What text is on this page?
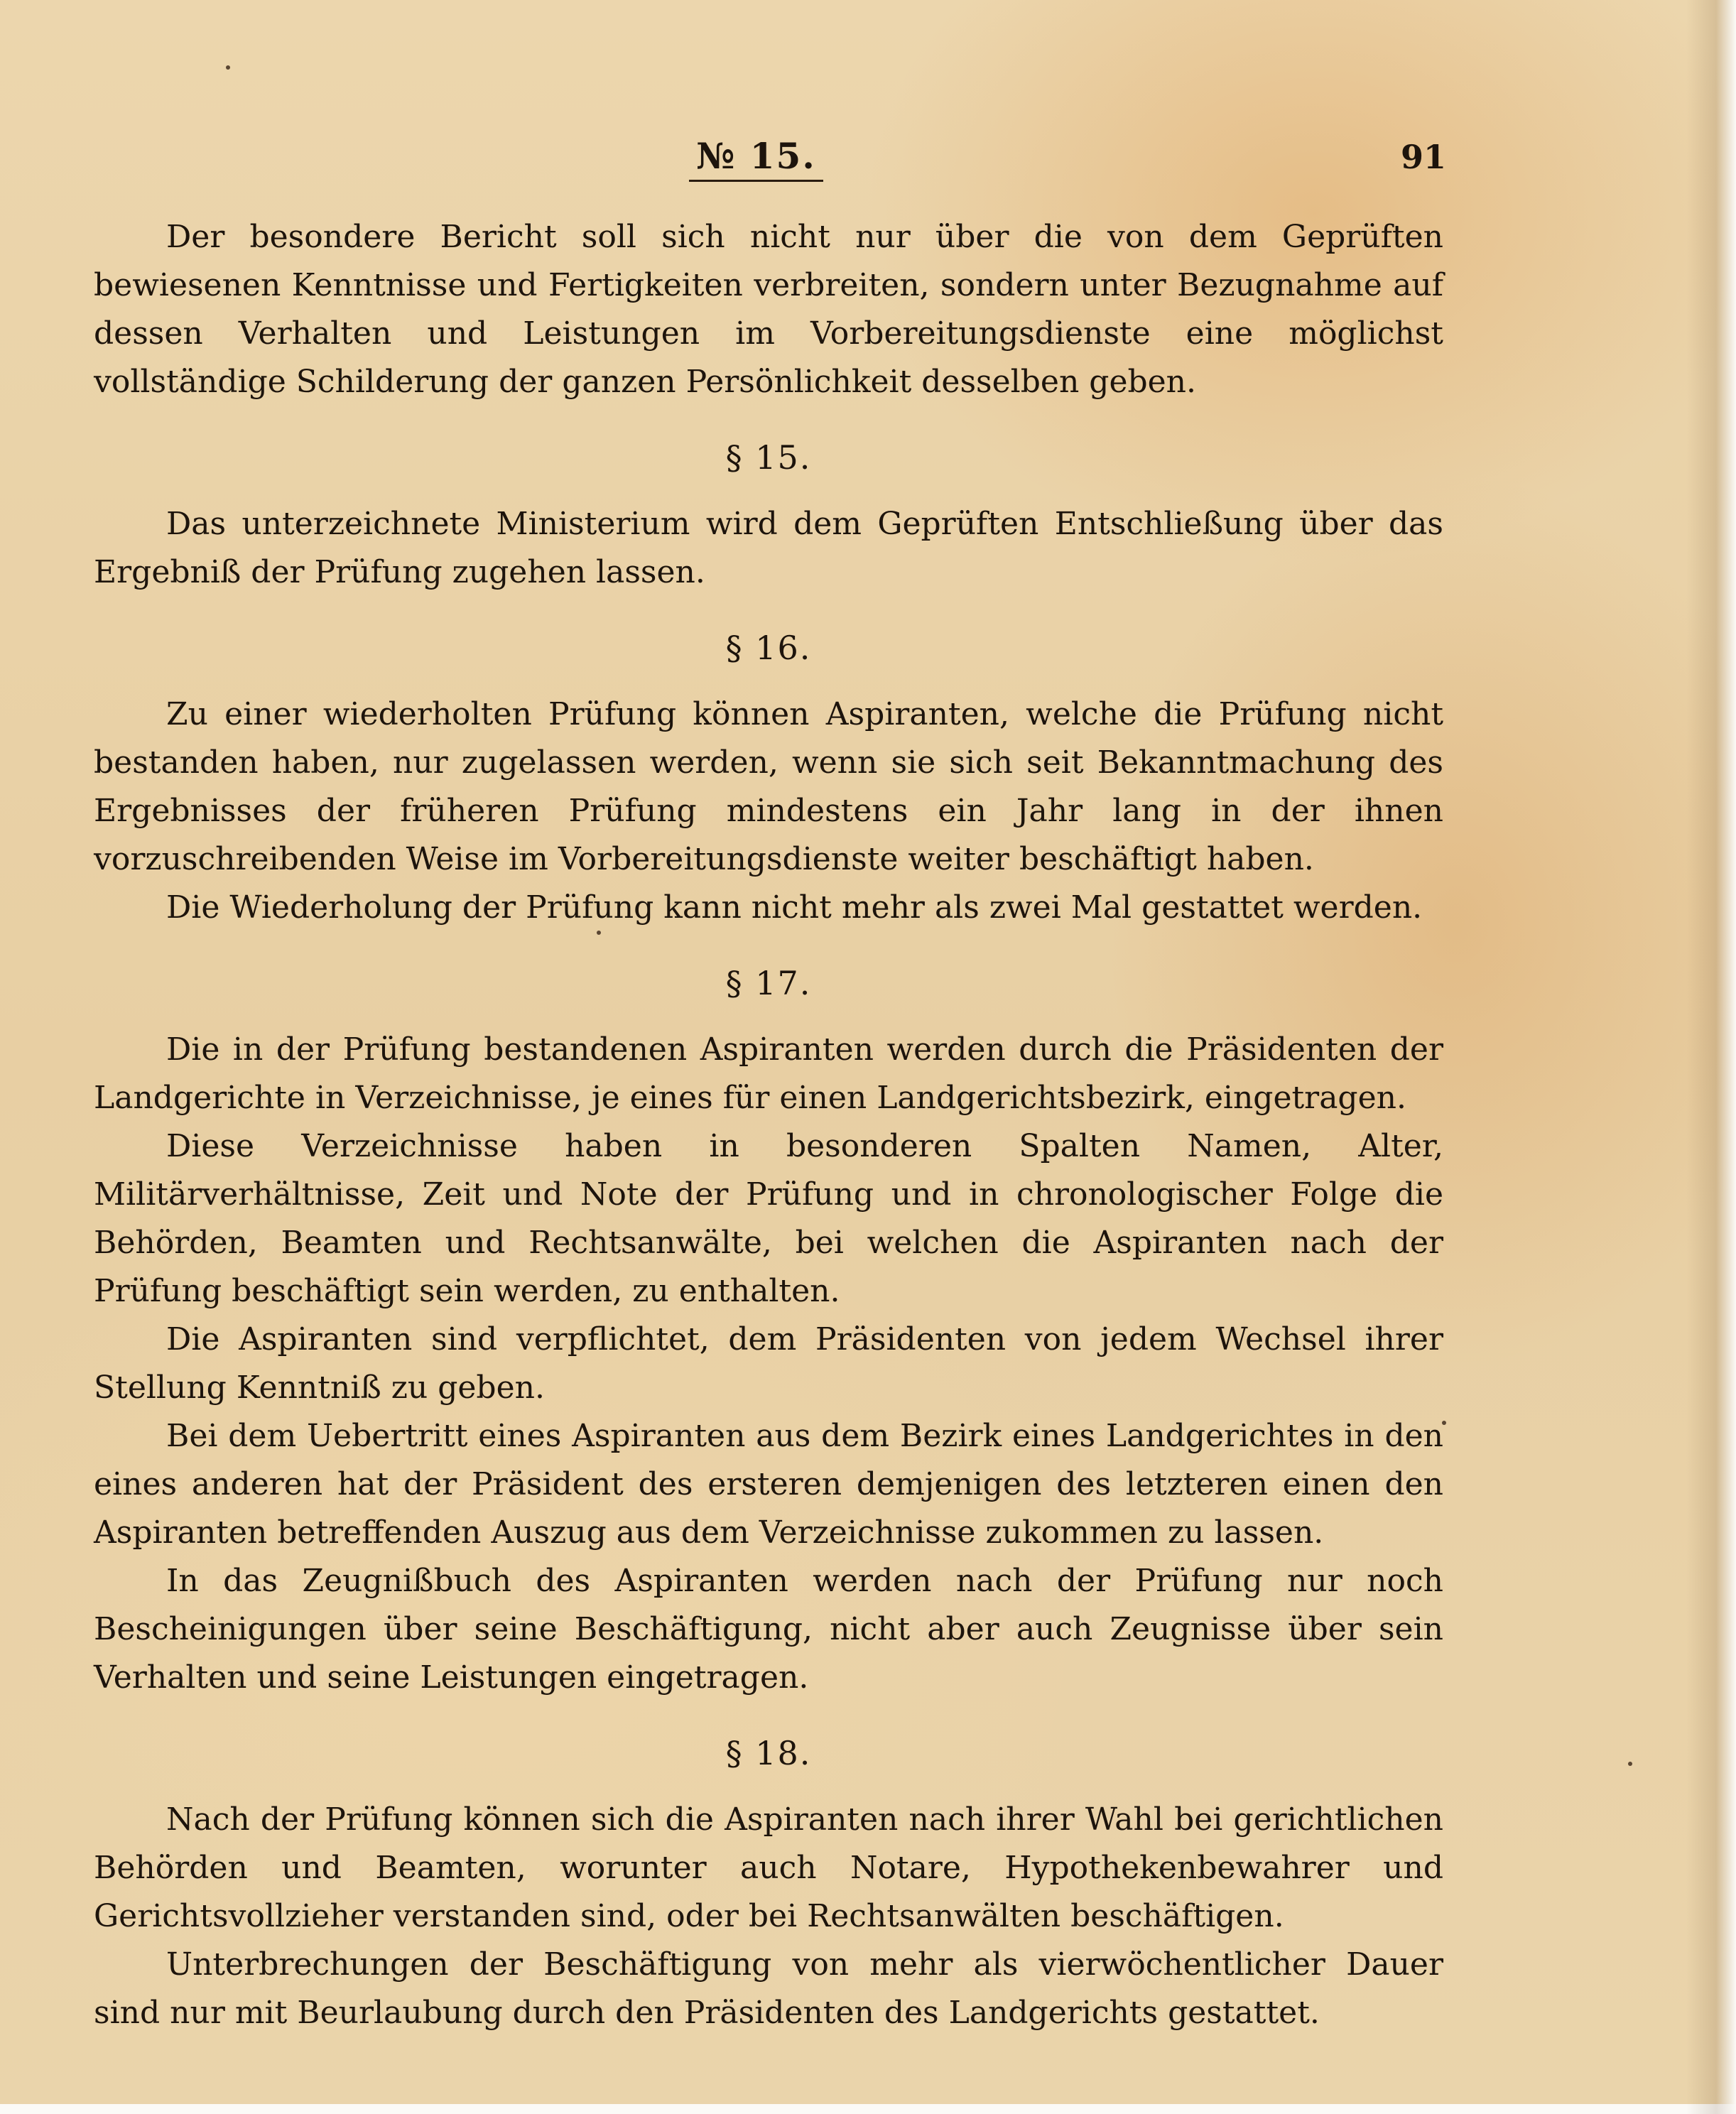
№ 15.	91

Der besondere Bericht soll sich nicht nur über die von dem Geprüften bewiesenen Kenntnisse und Fertigkeiten verbreiten, sondern unter Bezugnahme auf dessen Verhalten und Leistungen im Vorbereitungsdienste eine möglichst vollständige Schilderung der ganzen Persönlichkeit desselben geben.

§ 15.

Das unterzeichnete Ministerium wird dem Geprüften Entschließung über das Ergebniß der Prüfung zugehen lassen.

§ 16.

Zu einer wiederholten Prüfung können Aspiranten, welche die Prüfung nicht bestanden haben, nur zugelassen werden, wenn sie sich seit Bekanntmachung des Ergebnisses der früheren Prüfung mindestens ein Jahr lang in der ihnen vorzuschreibenden Weise im Vorbereitungsdienste weiter beschäftigt haben.

Die Wiederholung der Prüfung kann nicht mehr als zwei Mal gestattet werden.

§ 17.

Die in der Prüfung bestandenen Aspiranten werden durch die Präsidenten der Landgerichte in Verzeichnisse, je eines für einen Landgerichtsbezirk, eingetragen.

Diese Verzeichnisse haben in besonderen Spalten Namen, Alter, Militärverhältnisse, Zeit und Note der Prüfung und in chronologischer Folge die Behörden, Beamten und Rechtsanwälte, bei welchen die Aspiranten nach der Prüfung beschäftigt sein werden, zu enthalten.

Die Aspiranten sind verpflichtet, dem Präsidenten von jedem Wechsel ihrer Stellung Kenntniß zu geben.

Bei dem Uebertritt eines Aspiranten aus dem Bezirk eines Landgerichtes in den eines anderen hat der Präsident des ersteren demjenigen des letzteren einen den Aspiranten betreffenden Auszug aus dem Verzeichnisse zukommen zu lassen.

In das Zeugnißbuch des Aspiranten werden nach der Prüfung nur noch Bescheinigungen über seine Beschäftigung, nicht aber auch Zeugnisse über sein Verhalten und seine Leistungen eingetragen.

§ 18.

Nach der Prüfung können sich die Aspiranten nach ihrer Wahl bei gerichtlichen Behörden und Beamten, worunter auch Notare, Hypothekenbewahrer und Gerichtsvollzieher verstanden sind, oder bei Rechtsanwälten beschäftigen.

Unterbrechungen der Beschäftigung von mehr als vierwöchentlicher Dauer sind nur mit Beurlaubung durch den Präsidenten des Landgerichts gestattet.
